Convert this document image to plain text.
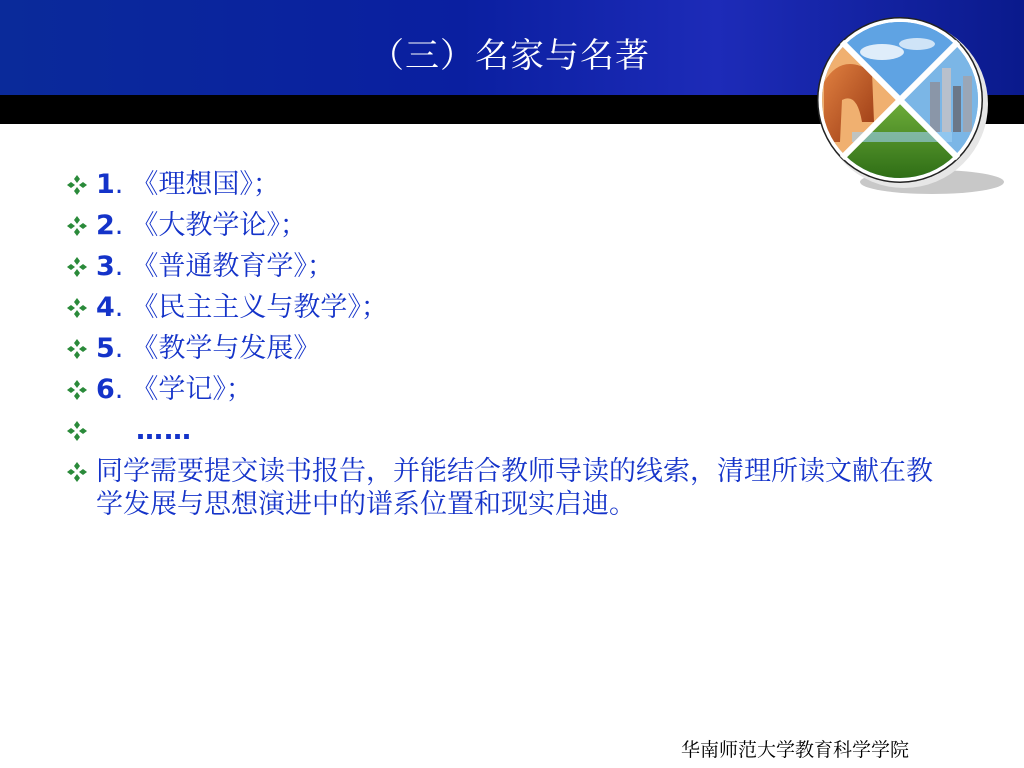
（三）名家与名著
1 . 《理想国》；
2 . 《大教学论》；
3 . 《普通教育学》；
4 . 《民主主义与教学》；
5 . 《教学与发展》
6 . 《学记》；
……
同学需要提交读书报告，并能结合教师导读的线索，清理所读文献在教学发展与思想演进中的谱系位置和现实启迪。
华南师范大学教育科学学院
